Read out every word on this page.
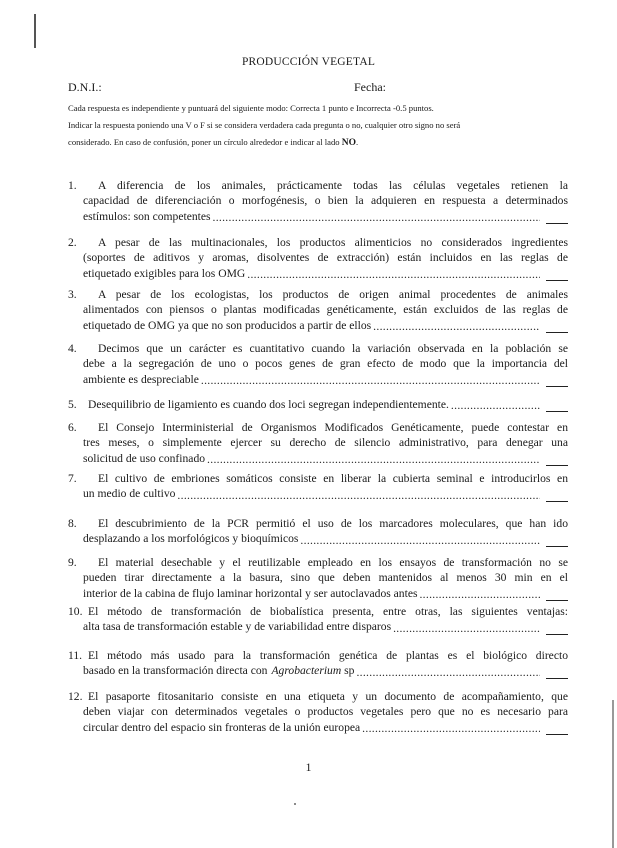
PRODUCCIÓN VEGETAL
D.N.I.:	Fecha:

Cada respuesta es independiente y puntuará del siguiente modo: Correcta 1 punto e Incorrecta -0.5 puntos.

Indicar la respuesta poniendo una V o F si se considera verdadera cada pregunta o no, cualquier otro signo no será

considerado. En caso de confusión, poner un círculo alrededor e indicar al lado NO.

1.	A diferencia de los animales, prácticamente todas las células vegetales retienen la
capacidad de diferenciación o morfogénesis, o bien la adquieren en respuesta a determinados
estímulos: son competentes
.....
2.	A pesar de las multinacionales, los productos alimenticios no considerados ingredientes
(soportes de aditivos y aromas, disolventes de extracción) están incluidos en las reglas de
etiquetado exigibles para los OMG
.....
3.	A pesar de los ecologistas, los productos de origen animal procedentes de animales
alimentados con piensos o plantas modificadas genéticamente, están excluidos de las reglas de
etiquetado de OMG ya que no son producidos a partir de ellos
.....
4.	Decimos que un carácter es cuantitativo cuando la variación observada en la población se
debe a la segregación de uno o pocos genes de gran efecto de modo que la importancia del
ambiente es despreciable
.....
5. Desequilibrio de ligamiento es cuando dos loci segregan independientemente.
.....
6.	El Consejo Interministerial de Organismos Modificados Genéticamente, puede contestar en
tres meses, o simplemente ejercer su derecho de silencio administrativo, para denegar una
solicitud de uso confinado
.....
7.	El cultivo de embriones somáticos consiste en liberar la cubierta seminal e introducirlos en
un medio de cultivo
.....
8.	El descubrimiento de la PCR permitió el uso de los marcadores moleculares, que han ido
desplazando a los morfológicos y bioquímicos
.....
9.	El material desechable y el reutilizable empleado en los ensayos de transformación no se
pueden tirar directamente a la basura, sino que deben mantenidos al menos 30 min en el
interior de la cabina de flujo laminar horizontal y ser autoclavados antes
.....
10. El método de transformación de biobalística presenta, entre otras, las siguientes ventajas:
alta tasa de transformación estable y de variabilidad entre disparos
.....
11. El método más usado para la transformación genética de plantas es el biológico directo
basado en la transformación directa con Agrobacterium sp
.....
12. El pasaporte fitosanitario consiste en una etiqueta y un documento de acompañamiento, que
deben viajar con determinados vegetales o productos vegetales pero que no es necesario para
circular dentro del espacio sin fronteras de la unión europea
.....
1
